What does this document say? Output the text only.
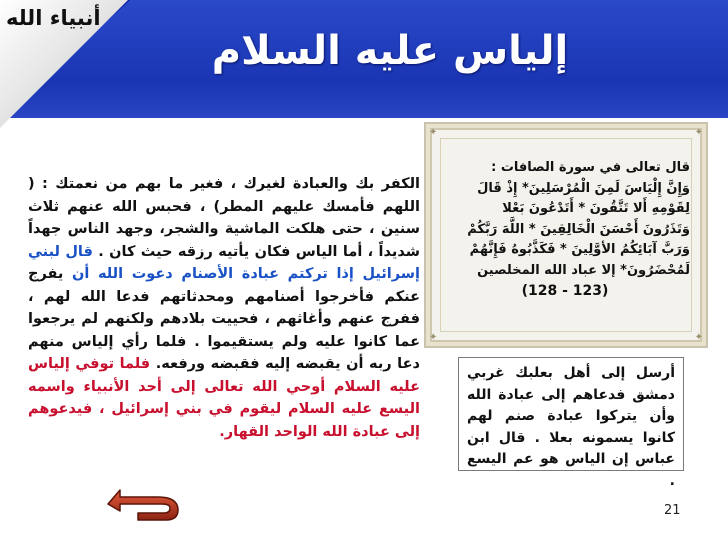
أنبياء الله
إلياس عليه السلام

الكفر بك والعبادة لغيرك ، فغير ما بهم من نعمتك : ( اللهم فأمسك عليهم المطر) ، فحبس الله عنهم ثلاث سنين ، حتى هلكت الماشية والشجر، وجهد الناس جهداً شديداً ، أما الياس فكان يأتيه رزقه حيث كان . قال لبني إسرائيل إذا تركتم عبادة الأصنام دعوت الله أن يفرج عنكم فأخرجوا أصنامهم ومحدثاتهم فدعا الله لهم ، ففرج عنهم وأغاثهم ، فحييت بلادهم ولكنهم لم يرجعوا عما كانوا عليه ولم يستقيموا . فلما رأي إلياس منهم دعا ربه أن يقبضه إليه فقبضه ورفعه. فلما توفي إلياس عليه السلام أوحي الله تعالى إلى أحد الأنبياء واسمه اليسع عليه السلام ليقوم في بني إسرائيل ، فيدعوهم إلى عبادة الله الواحد القهار.

✦	✦
✦	✦
قال تعالى في سورة الصافات :
وَإِنَّ إِلْيَاسَ لَمِنَ الْمُرْسَلِينَ* إِذْ قَالَ
لِقَوْمِهِ أَلا تَتَّقُونَ * أَتَدْعُونَ بَعْلا
وَتَذَرُونَ أَحْسَنَ الْخَالِقِينَ * اللَّهَ رَبَّكُمْ
وَرَبَّ آبَائِكُمُ الأوَّلِينَ * فَكَذَّبُوهُ فَإِنَّهُمْ
لَمُحْضَرُونَ* إلا عباد الله المخلصين
(123 - 128)
أرسل إلى أهل بعلبك غربي دمشق فدعاهم إلى عبادة الله وأن يتركوا عبادة صنم لهم كانوا يسمونه بعلا . قال ابن عباس إن الياس هو عم اليسع .
21
